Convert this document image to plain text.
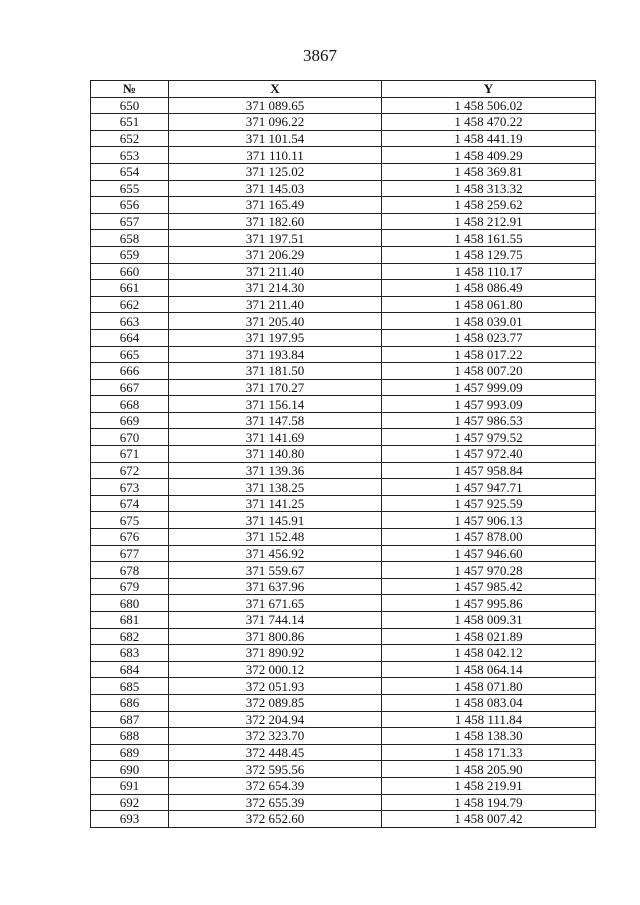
3867
№	X	Y
650	371 089.65	1 458 506.02
651	371 096.22	1 458 470.22
652	371 101.54	1 458 441.19
653	371 110.11	1 458 409.29
654	371 125.02	1 458 369.81
655	371 145.03	1 458 313.32
656	371 165.49	1 458 259.62
657	371 182.60	1 458 212.91
658	371 197.51	1 458 161.55
659	371 206.29	1 458 129.75
660	371 211.40	1 458 110.17
661	371 214.30	1 458 086.49
662	371 211.40	1 458 061.80
663	371 205.40	1 458 039.01
664	371 197.95	1 458 023.77
665	371 193.84	1 458 017.22
666	371 181.50	1 458 007.20
667	371 170.27	1 457 999.09
668	371 156.14	1 457 993.09
669	371 147.58	1 457 986.53
670	371 141.69	1 457 979.52
671	371 140.80	1 457 972.40
672	371 139.36	1 457 958.84
673	371 138.25	1 457 947.71
674	371 141.25	1 457 925.59
675	371 145.91	1 457 906.13
676	371 152.48	1 457 878.00
677	371 456.92	1 457 946.60
678	371 559.67	1 457 970.28
679	371 637.96	1 457 985.42
680	371 671.65	1 457 995.86
681	371 744.14	1 458 009.31
682	371 800.86	1 458 021.89
683	371 890.92	1 458 042.12
684	372 000.12	1 458 064.14
685	372 051.93	1 458 071.80
686	372 089.85	1 458 083.04
687	372 204.94	1 458 111.84
688	372 323.70	1 458 138.30
689	372 448.45	1 458 171.33
690	372 595.56	1 458 205.90
691	372 654.39	1 458 219.91
692	372 655.39	1 458 194.79
693	372 652.60	1 458 007.42
